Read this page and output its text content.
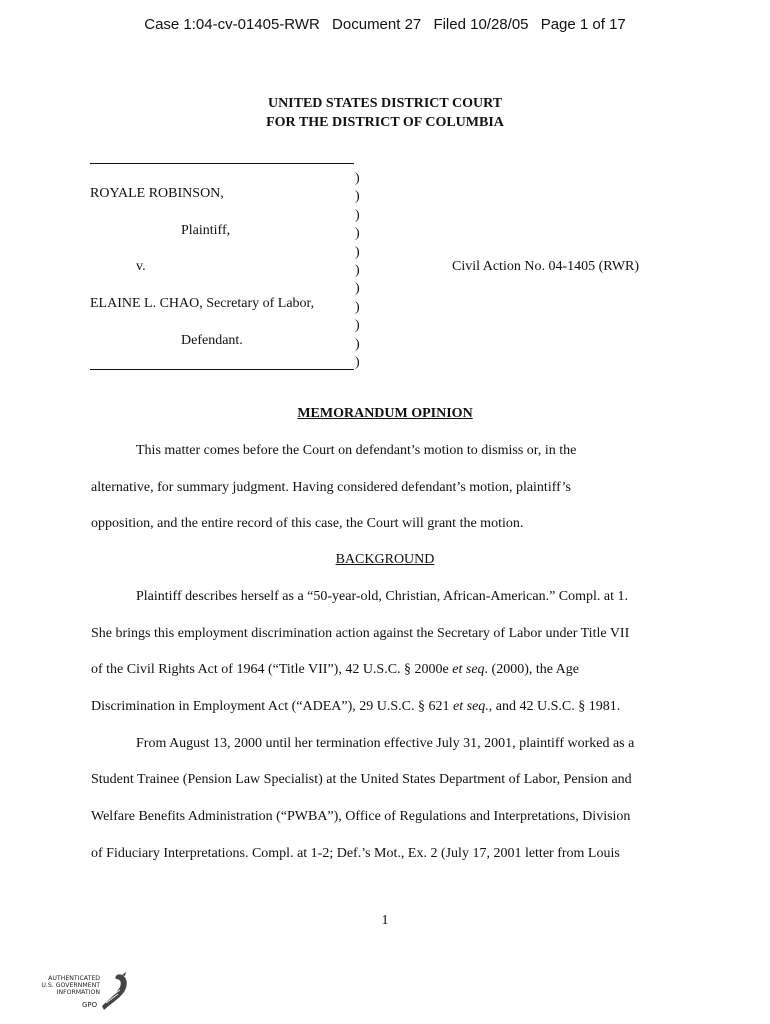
Case 1:04-cv-01405-RWR Document 27 Filed 10/28/05 Page 1 of 17
UNITED STATES DISTRICT COURT
FOR THE DISTRICT OF COLUMBIA
ROYALE ROBINSON,
Plaintiff,
v.
ELAINE L. CHAO, Secretary of Labor,
Defendant.
)
)
)
)
)
)
)
)
)
)
)
Civil Action No. 04-1405 (RWR)
MEMORANDUM OPINION
This matter comes before the Court on defendant’s motion to dismiss or, in the
alternative, for summary judgment. Having considered defendant’s motion, plaintiff’s
opposition, and the entire record of this case, the Court will grant the motion.
BACKGROUND
Plaintiff describes herself as a “50-year-old, Christian, African-American.” Compl. at 1.
She brings this employment discrimination action against the Secretary of Labor under Title VII
of the Civil Rights Act of 1964 (“Title VII”), 42 U.S.C. § 2000e et seq. (2000), the Age
Discrimination in Employment Act (“ADEA”), 29 U.S.C. § 621 et seq., and 42 U.S.C. § 1981.
From August 13, 2000 until her termination effective July 31, 2001, plaintiff worked as a
Student Trainee (Pension Law Specialist) at the United States Department of Labor, Pension and
Welfare Benefits Administration (“PWBA”), Office of Regulations and Interpretations, Division
of Fiduciary Interpretations. Compl. at 1-2; Def.’s Mot., Ex. 2 (July 17, 2001 letter from Louis
1
AUTHENTICATED
U.S. GOVERNMENT
INFORMATION
GPO
